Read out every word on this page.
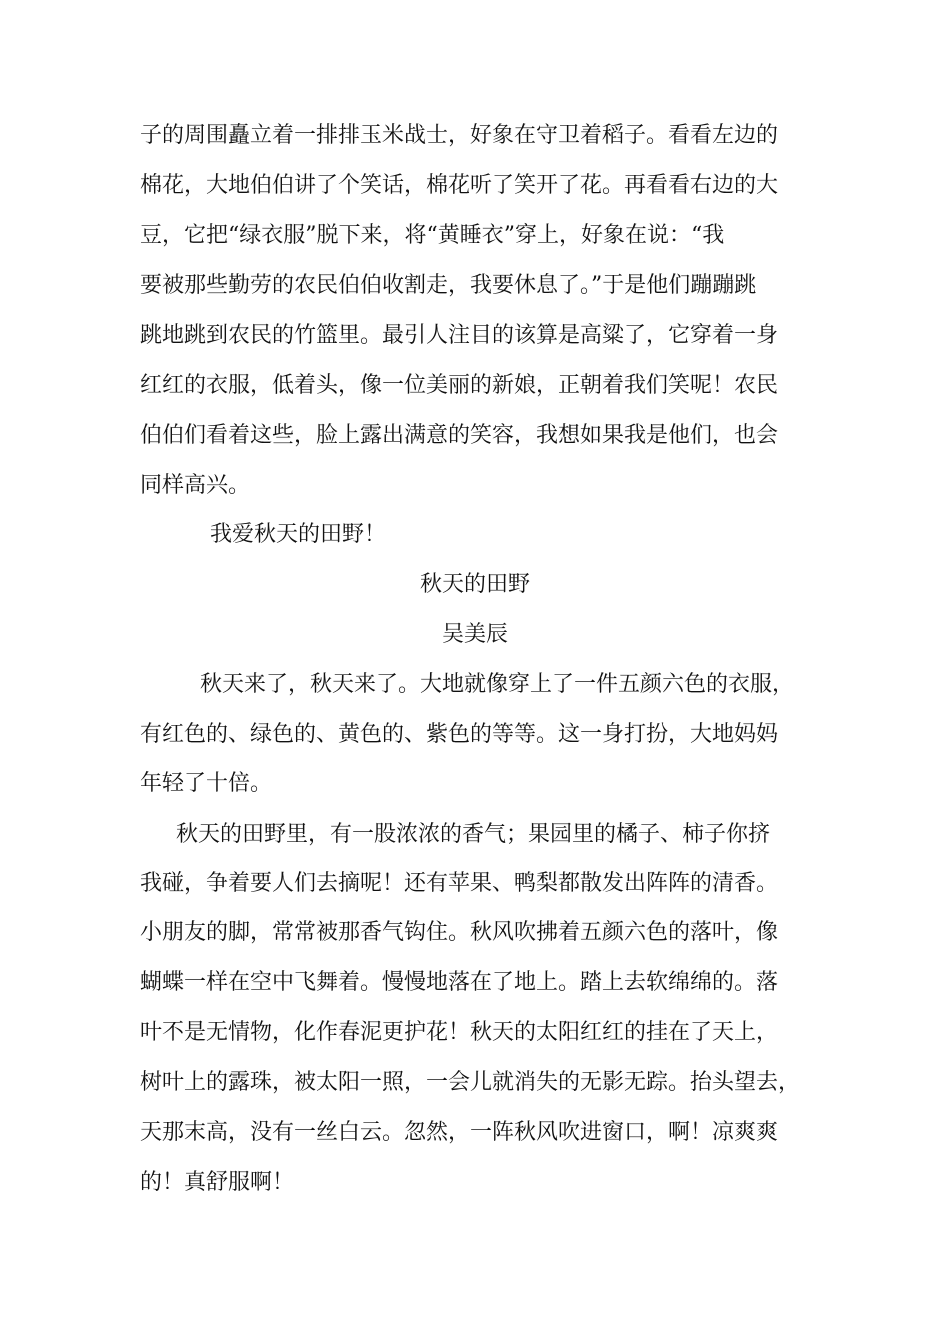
子的周围矗立着一排排玉米战士，好象在守卫着稻子。看看左边的
棉花，大地伯伯讲了个笑话，棉花听了笑开了花。再看看右边的大
豆，它把“绿衣服”脱下来，将“黄睡衣”穿上，好象在说：“我
要被那些勤劳的农民伯伯收割走，我要休息了。”于是他们蹦蹦跳
跳地跳到农民的竹篮里。最引人注目的该算是高粱了，它穿着一身
红红的衣服，低着头，像一位美丽的新娘，正朝着我们笑呢！农民
伯伯们看着这些，脸上露出满意的笑容，我想如果我是他们，也会
同样高兴。
我爱秋天的田野！
秋天的田野
吴美辰
秋天来了，秋天来了。大地就像穿上了一件五颜六色的衣服，
有红色的、绿色的、黄色的、紫色的等等。这一身打扮，大地妈妈
年轻了十倍。
秋天的田野里，有一股浓浓的香气；果园里的橘子、柿子你挤
我碰，争着要人们去摘呢！还有苹果、鸭梨都散发出阵阵的清香。
小朋友的脚，常常被那香气钩住。秋风吹拂着五颜六色的落叶，像
蝴蝶一样在空中飞舞着。慢慢地落在了地上。踏上去软绵绵的。落
叶不是无情物，化作春泥更护花！秋天的太阳红红的挂在了天上，
树叶上的露珠，被太阳一照，一会儿就消失的无影无踪。抬头望去，
天那末高，没有一丝白云。忽然，一阵秋风吹进窗口，啊！凉爽爽
的！真舒服啊！
